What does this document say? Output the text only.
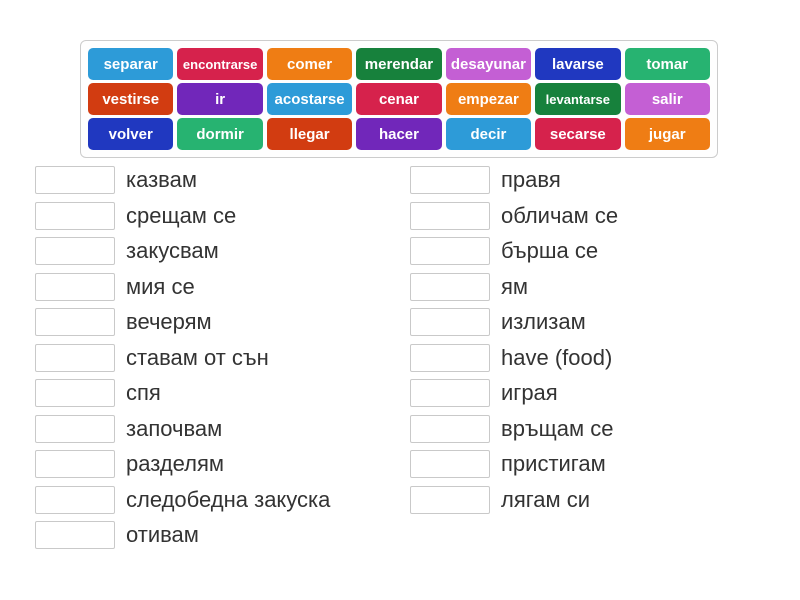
separar	encontrarse	comer	merendar	desayunar	lavarse	tomar
vestirse	ir	acostarse	cenar	empezar	levantarse	salir
volver	dormir	llegar	hacer	decir	secarse	jugar
казвам
срещам се
закусвам
мия се
вечерям
ставам от сън
спя
започвам
разделям
следобедна закуска
отивам
правя
обличам се
бърша се
ям
излизам
have (food)
играя
връщам се
пристигам
лягам си
